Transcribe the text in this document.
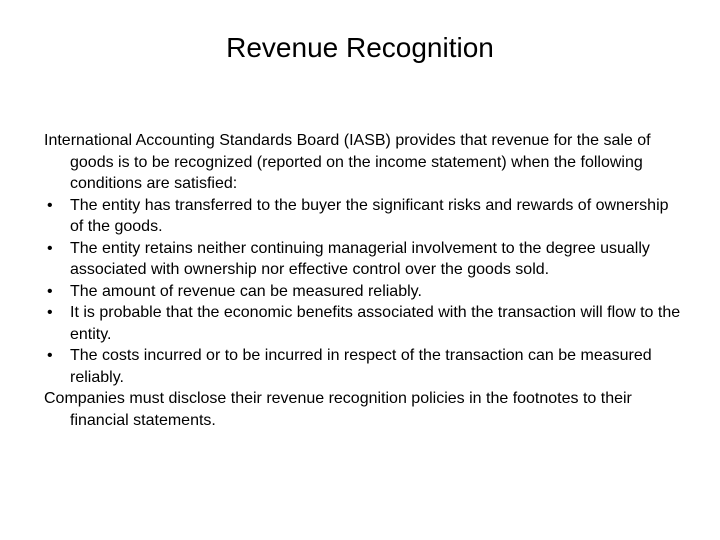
Revenue Recognition

International Accounting Standards Board (IASB) provides that revenue for the sale of goods is to be recognized (reported on the income statement) when the following conditions are satisfied:

• The entity has transferred to the buyer the significant risks and rewards of ownership of the goods.
• The entity retains neither continuing managerial involvement to the degree usually associated with ownership nor effective control over the goods sold.
• The amount of revenue can be measured reliably.
• It is probable that the economic benefits associated with the transaction will flow to the entity.
• The costs incurred or to be incurred in respect of the transaction can be measured reliably.

Companies must disclose their revenue recognition policies in the footnotes to their financial statements.
